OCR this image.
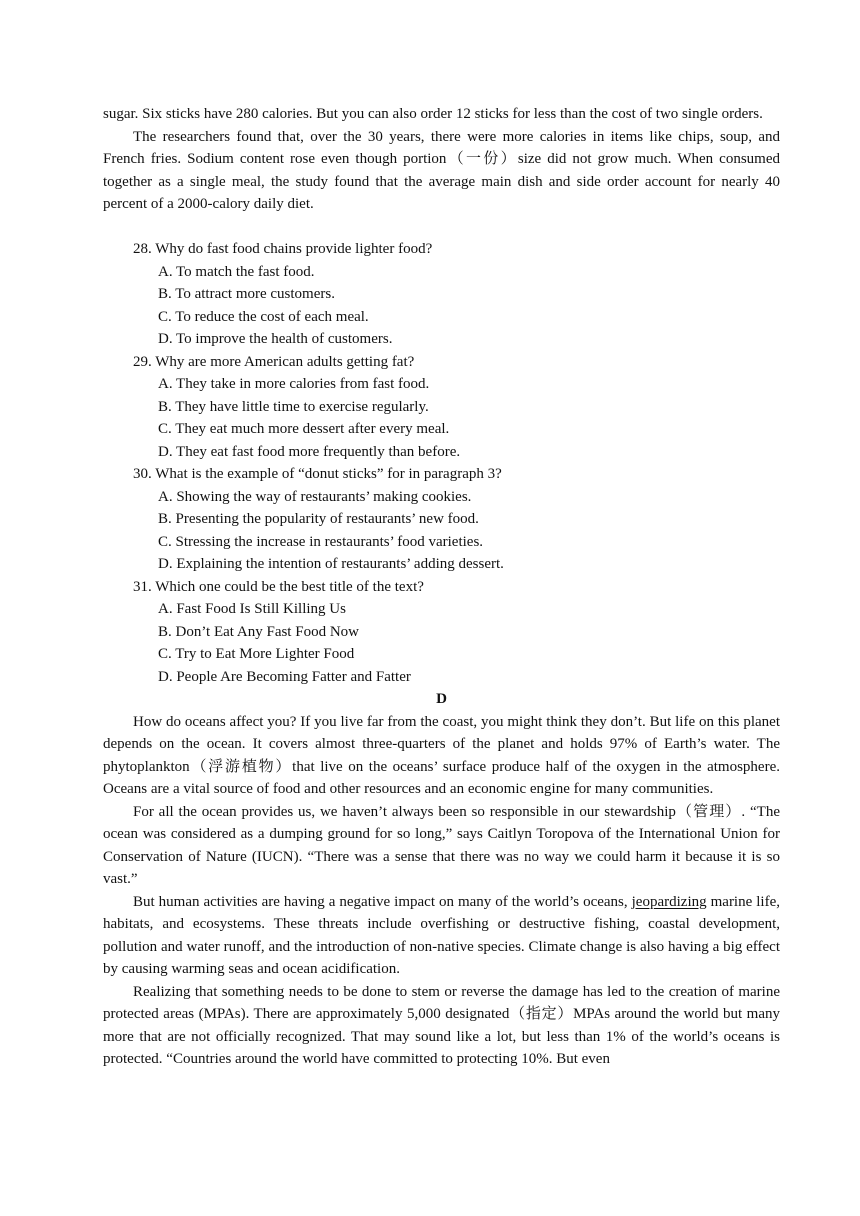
sugar. Six sticks have 280 calories. But you can also order 12 sticks for less than the cost of two single orders.

The researchers found that, over the 30 years, there were more calories in items like chips, soup, and French fries. Sodium content rose even though portion（一份）size did not grow much. When consumed together as a single meal, the study found that the average main dish and side order account for nearly 40 percent of a 2000-calory daily diet.

28. Why do fast food chains provide lighter food?

A. To match the fast food.

B. To attract more customers.

C. To reduce the cost of each meal.

D. To improve the health of customers.

29. Why are more American adults getting fat?

A. They take in more calories from fast food.

B. They have little time to exercise regularly.

C. They eat much more dessert after every meal.

D. They eat fast food more frequently than before.

30. What is the example of “donut sticks” for in paragraph 3?

A. Showing the way of restaurants’ making cookies.

B. Presenting the popularity of restaurants’ new food.

C. Stressing the increase in restaurants’ food varieties.

D. Explaining the intention of restaurants’ adding dessert.

31. Which one could be the best title of the text?

A. Fast Food Is Still Killing Us

B. Don’t Eat Any Fast Food Now

C. Try to Eat More Lighter Food

D. People Are Becoming Fatter and Fatter

D

How do oceans affect you? If you live far from the coast, you might think they don’t. But life on this planet depends on the ocean. It covers almost three-quarters of the planet and holds 97% of Earth’s water. The phytoplankton（浮游植物）that live on the oceans’ surface produce half of the oxygen in the atmosphere. Oceans are a vital source of food and other resources and an economic engine for many communities.

For all the ocean provides us, we haven’t always been so responsible in our stewardship（管理）. “The ocean was considered as a dumping ground for so long,” says Caitlyn Toropova of the International Union for Conservation of Nature (IUCN). “There was a sense that there was no way we could harm it because it is so vast.”

But human activities are having a negative impact on many of the world’s oceans, jeopardizing marine life, habitats, and ecosystems. These threats include overfishing or destructive fishing, coastal development, pollution and water runoff, and the introduction of non-native species. Climate change is also having a big effect by causing warming seas and ocean acidification.

Realizing that something needs to be done to stem or reverse the damage has led to the creation of marine protected areas (MPAs). There are approximately 5,000 designated（指定）MPAs around the world but many more that are not officially recognized. That may sound like a lot, but less than 1% of the world’s oceans is protected. “Countries around the world have committed to protecting 10%. But even
